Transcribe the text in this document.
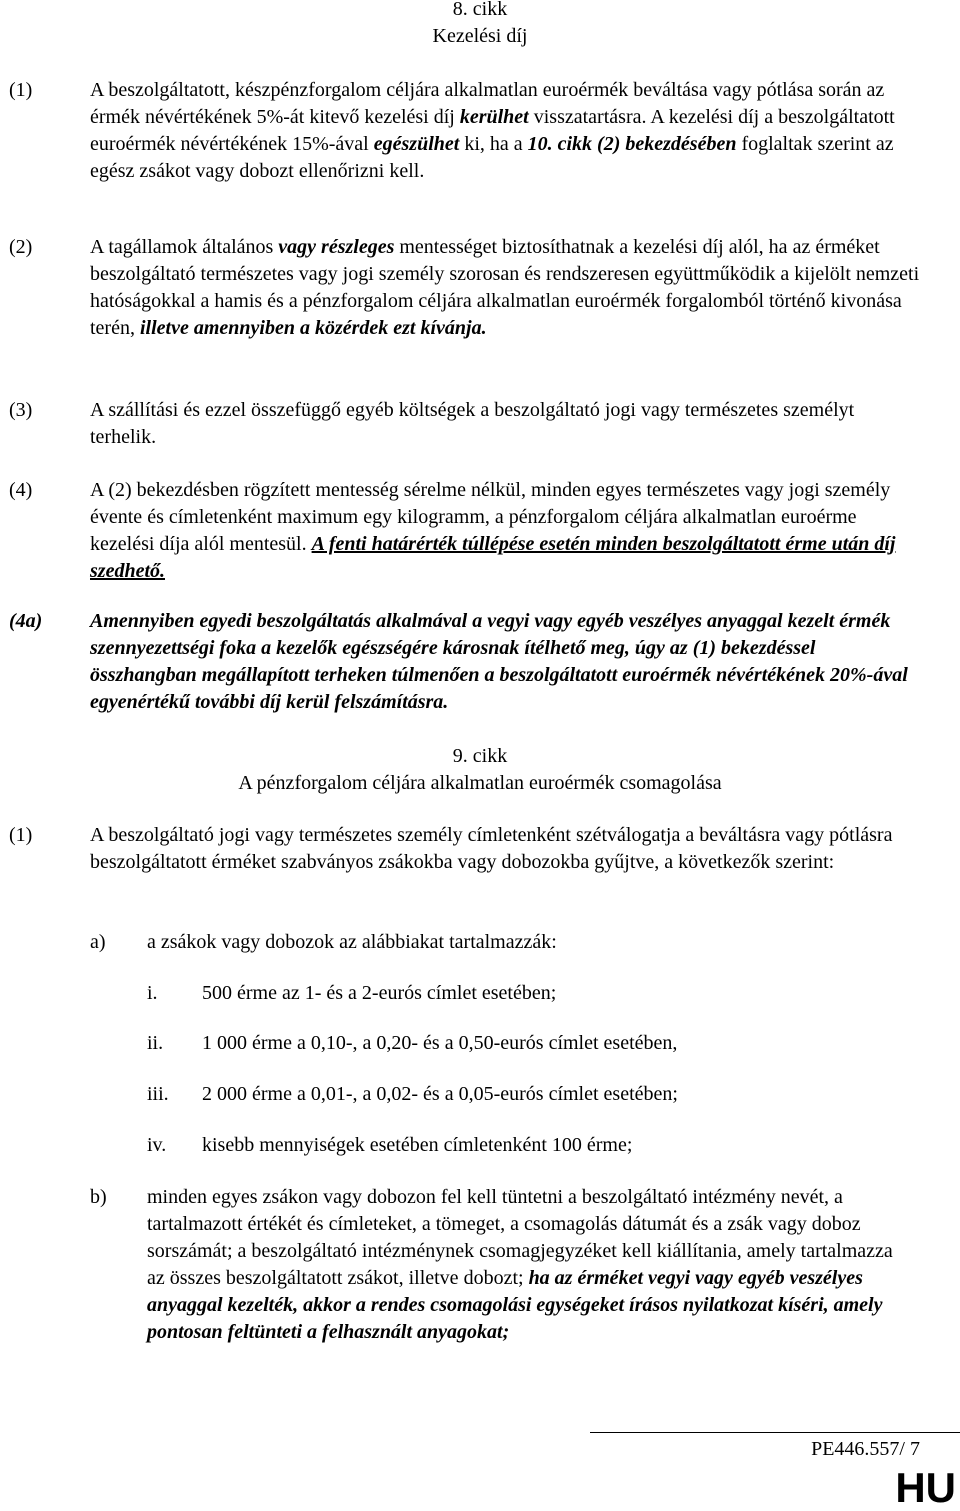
8. cikk
Kezelési díj
(1)	A beszolgáltatott, készpénzforgalom céljára alkalmatlan euroérmék beváltása vagy pótlása során az érmék névértékének 5%-át kitevő kezelési díj kerülhet visszatartásra. A kezelési díj a beszolgáltatott euroérmék névértékének 15%-ával egészülhet ki, ha a 10. cikk (2) bekezdésében foglaltak szerint az egész zsákot vagy dobozt ellenőrizni kell.
(2)	A tagállamok általános vagy részleges mentességet biztosíthatnak a kezelési díj alól, ha az érméket beszolgáltató természetes vagy jogi személy szorosan és rendszeresen együttműködik a kijelölt nemzeti hatóságokkal a hamis és a pénzforgalom céljára alkalmatlan euroérmék forgalomból történő kivonása terén, illetve amennyiben a közérdek ezt kívánja.
(3)	A szállítási és ezzel összefüggő egyéb költségek a beszolgáltató jogi vagy természetes személyt terhelik.
(4)	A (2) bekezdésben rögzített mentesség sérelme nélkül, minden egyes természetes vagy jogi személy évente és címletenként maximum egy kilogramm, a pénzforgalom céljára alkalmatlan euroérme kezelési díja alól mentesül. A fenti határérték túllépése esetén minden beszolgáltatott érme után díj szedhető.
(4a) Amennyiben egyedi beszolgáltatás alkalmával a vegyi vagy egyéb veszélyes anyaggal kezelt érmék szennyezettségi foka a kezelők egészségére károsnak ítélhető meg, úgy az (1) bekezdéssel összhangban megállapított terheken túlmenően a beszolgáltatott euroérmék névértékének 20%-ával egyenértékű további díj kerül felszámításra.
9. cikk
A pénzforgalom céljára alkalmatlan euroérmék csomagolása
(1)	A beszolgáltató jogi vagy természetes személy címletenként szétválogatja a beváltásra vagy pótlásra beszolgáltatott érméket szabványos zsákokba vagy dobozokba gyűjtve, a következők szerint:
a) a zsákok vagy dobozok az alábbiakat tartalmazzák:
i. 500 érme az 1- és a 2-eurós címlet esetében;
ii. 1 000 érme a 0,10-, a 0,20- és a 0,50-eurós címlet esetében,
iii. 2 000 érme a 0,01-, a 0,02- és a 0,05-eurós címlet esetében;
iv. kisebb mennyiségek esetében címletenként 100 érme;
b) minden egyes zsákon vagy dobozon fel kell tüntetni a beszolgáltató intézmény nevét, a tartalmazott értékét és címleteket, a tömeget, a csomagolás dátumát és a zsák vagy doboz sorszámát; a beszolgáltató intézménynek csomagjegyzéket kell kiállítania, amely tartalmazza az összes beszolgáltatott zsákot, illetve dobozt; ha az érméket vegyi vagy egyéb veszélyes anyaggal kezelték, akkor a rendes csomagolási egységeket írásos nyilatkozat kíséri, amely pontosan feltünteti a felhasznált anyagokat;
PE446.557/ 7
HU
